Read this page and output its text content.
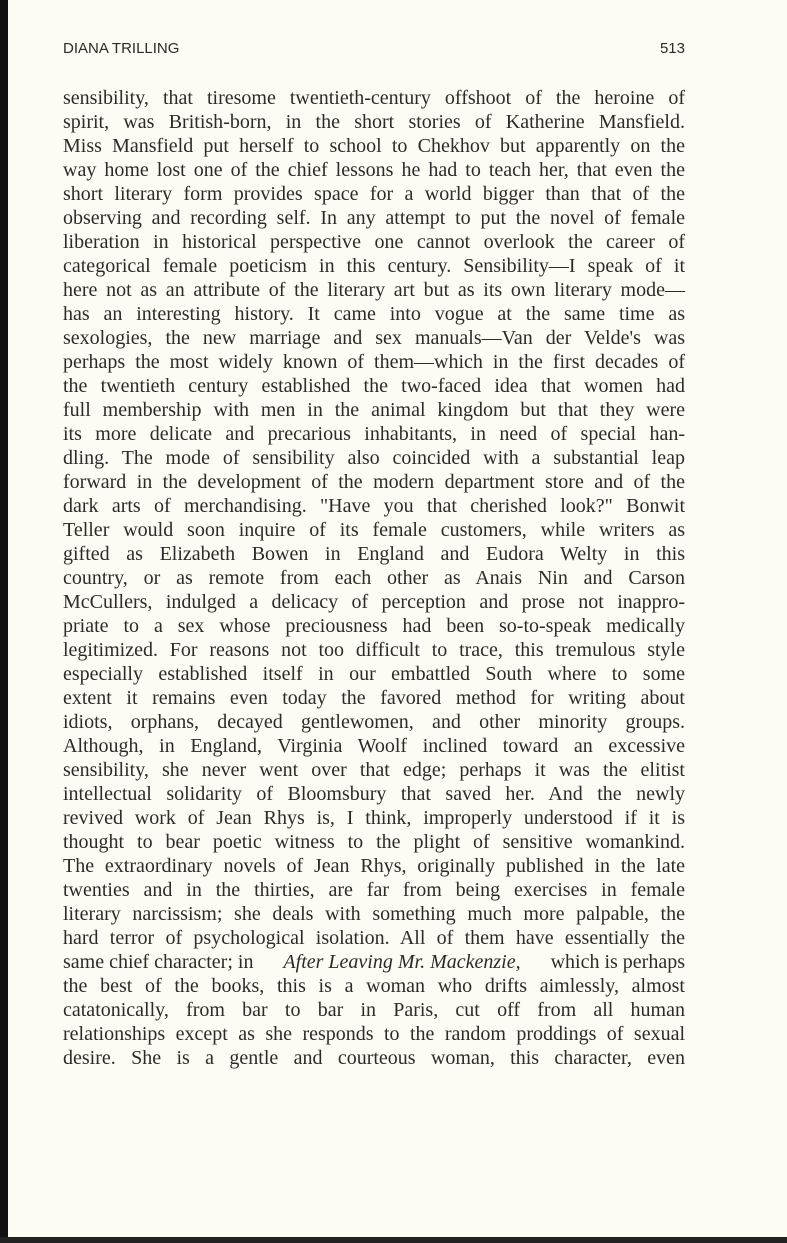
DIANA TRILLING	513
sensibility, that tiresome twentieth-century offshoot of the heroine of
spirit, was British-born, in the short stories of Katherine Mansfield.
Miss Mansfield put herself to school to Chekhov but apparently on the
way home lost one of the chief lessons he had to teach her, that even the
short literary form provides space for a world bigger than that of the
observing and recording self. In any attempt to put the novel of female
liberation in historical perspective one cannot overlook the career of
categorical female poeticism in this century. Sensibility—I speak of it
here not as an attribute of the literary art but as its own literary mode—
has an interesting history. It came into vogue at the same time as
sexologies, the new marriage and sex manuals—Van der Velde's was
perhaps the most widely known of them—which in the first decades of
the twentieth century established the two-faced idea that women had
full membership with men in the animal kingdom but that they were
its more delicate and precarious inhabitants, in need of special han-
dling. The mode of sensibility also coincided with a substantial leap
forward in the development of the modern department store and of the
dark arts of merchandising. "Have you that cherished look?" Bonwit
Teller would soon inquire of its female customers, while writers as
gifted as Elizabeth Bowen in England and Eudora Welty in this
country, or as remote from each other as Anais Nin and Carson
McCullers, indulged a delicacy of perception and prose not inappro-
priate to a sex whose preciousness had been so-to-speak medically
legitimized. For reasons not too difficult to trace, this tremulous style
especially established itself in our embattled South where to some
extent it remains even today the favored method for writing about
idiots, orphans, decayed gentlewomen, and other minority groups.
Although, in England, Virginia Woolf inclined toward an excessive
sensibility, she never went over that edge; perhaps it was the elitist
intellectual solidarity of Bloomsbury that saved her. And the newly
revived work of Jean Rhys is, I think, improperly understood if it is
thought to bear poetic witness to the plight of sensitive womankind.
The extraordinary novels of Jean Rhys, originally published in the late
twenties and in the thirties, are far from being exercises in female
literary narcissism; she deals with something much more palpable, the
hard terror of psychological isolation. All of them have essentially the
same chief character; in After Leaving Mr. Mackenzie, which is perhaps
the best of the books, this is a woman who drifts aimlessly, almost
catatonically, from bar to bar in Paris, cut off from all human
relationships except as she responds to the random proddings of sexual
desire. She is a gentle and courteous woman, this character, even
